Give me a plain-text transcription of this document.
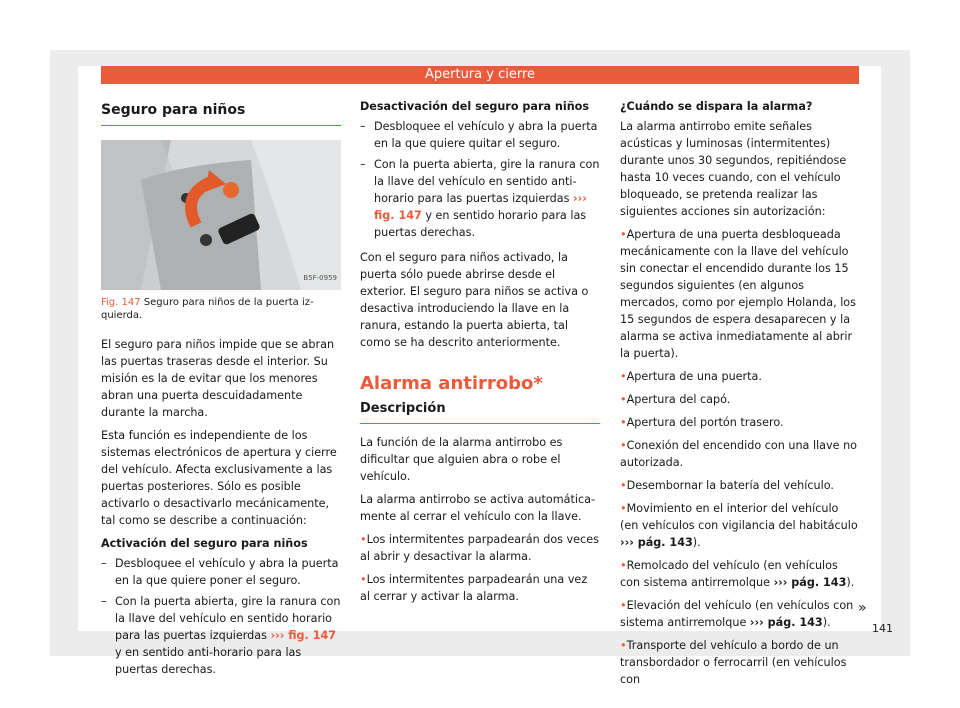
Apertura y cierre
Seguro para niños
B5F-0959
Fig. 147 Seguro para niños de la puerta izquierda.

El seguro para niños impide que se abran las puertas traseras desde el interior. Su misión es la de evitar que los menores abran una puerta descuidadamente durante la marcha.

Esta función es independiente de los sistemas electrónicos de apertura y cierre del vehículo. Afecta exclusivamente a las puertas posteriores. Sólo es posible activarlo o desactivarlo mecánicamente, tal como se describe a continuación:

Activación del seguro para niños
– Desbloquee el vehículo y abra la puerta en la que quiere poner el seguro.
– Con la puerta abierta, gire la ranura con la llave del vehículo en sentido horario para las puertas izquierdas ››› fig. 147 y en sentido anti-horario para las puertas derechas.
Desactivación del seguro para niños
– Desbloquee el vehículo y abra la puerta en la que quiere quitar el seguro.
– Con la puerta abierta, gire la ranura con la llave del vehículo en sentido anti-horario para las puertas izquierdas ››› fig. 147 y en sentido horario para las puertas derechas.

Con el seguro para niños activado, la puerta sólo puede abrirse desde el exterior. El seguro para niños se activa o desactiva introduciendo la llave en la ranura, estando la puerta abierta, tal como se ha descrito anteriormente.

Alarma antirrobo*
Descripción

La función de la alarma antirrobo es dificultar que alguien abra o robe el vehículo.

La alarma antirrobo se activa automáticamente al cerrar el vehículo con la llave.

• Los intermitentes parpadearán dos veces al abrir y desactivar la alarma.

• Los intermitentes parpadearán una vez al cerrar y activar la alarma.

¿Cuándo se dispara la alarma?

La alarma antirrobo emite señales acústicas y luminosas (intermitentes) durante unos 30 segundos, repitiéndose hasta 10 veces cuando, con el vehículo bloqueado, se pretenda realizar las siguientes acciones sin autorización:

• Apertura de una puerta desbloqueada mecánicamente con la llave del vehículo sin conectar el encendido durante los 15 segundos siguientes (en algunos mercados, como por ejemplo Holanda, los 15 segundos de espera desaparecen y la alarma se activa inmediatamente al abrir la puerta).

• Apertura de una puerta.

• Apertura del capó.

• Apertura del portón trasero.

• Conexión del encendido con una llave no autorizada.

• Desembornar la batería del vehículo.

• Movimiento en el interior del vehículo (en vehículos con vigilancia del habitáculo ››› pág. 143).

• Remolcado del vehículo (en vehículos con sistema antirremolque ››› pág. 143).

• Elevación del vehículo (en vehículos con sistema antirremolque ››› pág. 143).

• Transporte del vehículo a bordo de un transbordador o ferrocarril (en vehículos con

»
141
